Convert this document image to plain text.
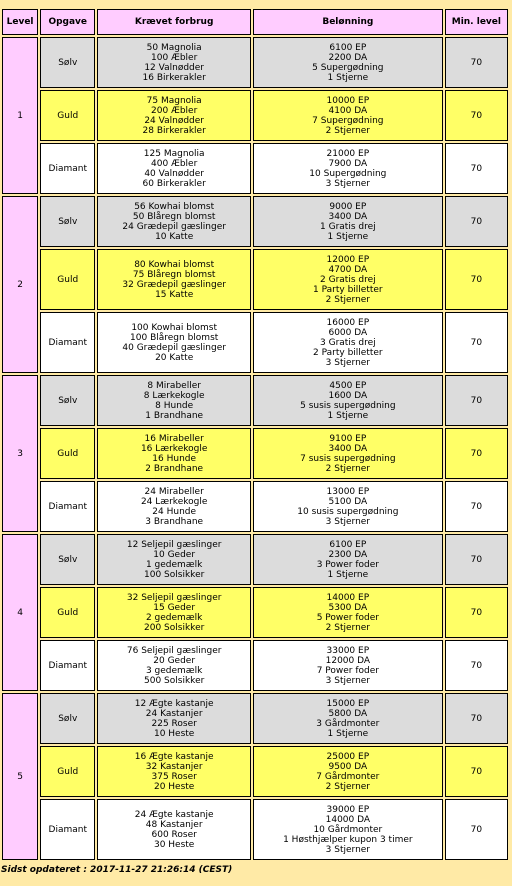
Level	Opgave	Krævet forbrug	Belønning	Min. level
1	Sølv	50 Magnolia
100 Æbler
12 Valnødder
16 Birkerakler	6100 EP
2200 DA
5 Supergødning
1 Stjerne	70
	Guld	75 Magnolia
200 Æbler
24 Valnødder
28 Birkerakler	10000 EP
4100 DA
7 Supergødning
2 Stjerner	70
	Diamant	125 Magnolia
400 Æbler
40 Valnødder
60 Birkerakler	21000 EP
7900 DA
10 Supergødning
3 Stjerner	70
2	Sølv	56 Kowhai blomst
50 Blåregn blomst
24 Grædepil gæslinger
10 Katte	9000 EP
3400 DA
1 Gratis drej
1 Stjerne	70
	Guld	80 Kowhai blomst
75 Blåregn blomst
32 Grædepil gæslinger
15 Katte	12000 EP
4700 DA
2 Gratis drej
1 Party billetter
2 Stjerner	70
	Diamant	100 Kowhai blomst
100 Blåregn blomst
40 Grædepil gæslinger
20 Katte	16000 EP
6000 DA
3 Gratis drej
2 Party billetter
3 Stjerner	70
3	Sølv	8 Mirabeller
8 Lærkekogle
8 Hunde
1 Brandhane	4500 EP
1600 DA
5 susis supergødning
1 Stjerne	70
	Guld	16 Mirabeller
16 Lærkekogle
16 Hunde
2 Brandhane	9100 EP
3400 DA
7 susis supergødning
2 Stjerner	70
	Diamant	24 Mirabeller
24 Lærkekogle
24 Hunde
3 Brandhane	13000 EP
5100 DA
10 susis supergødning
3 Stjerner	70
4	Sølv	12 Seljepil gæslinger
10 Geder
1 gedemælk
100 Solsikker	6100 EP
2300 DA
3 Power foder
1 Stjerne	70
	Guld	32 Seljepil gæslinger
15 Geder
2 gedemælk
200 Solsikker	14000 EP
5300 DA
5 Power foder
2 Stjerner	70
	Diamant	76 Seljepil gæslinger
20 Geder
3 gedemælk
500 Solsikker	33000 EP
12000 DA
7 Power foder
3 Stjerner	70
5	Sølv	12 Ægte kastanje
24 Kastanjer
225 Roser
10 Heste	15000 EP
5800 DA
3 Gårdmonter
1 Stjerne	70
	Guld	16 Ægte kastanje
32 Kastanjer
375 Roser
20 Heste	25000 EP
9500 DA
7 Gårdmonter
2 Stjerner	70
	Diamant	24 Ægte kastanje
48 Kastanjer
600 Roser
30 Heste	39000 EP
14000 DA
10 Gårdmonter
1 Høsthjælper kupon 3 timer
3 Stjerner	70
Sidst opdateret : 2017-11-27 21:26:14 (CEST)
